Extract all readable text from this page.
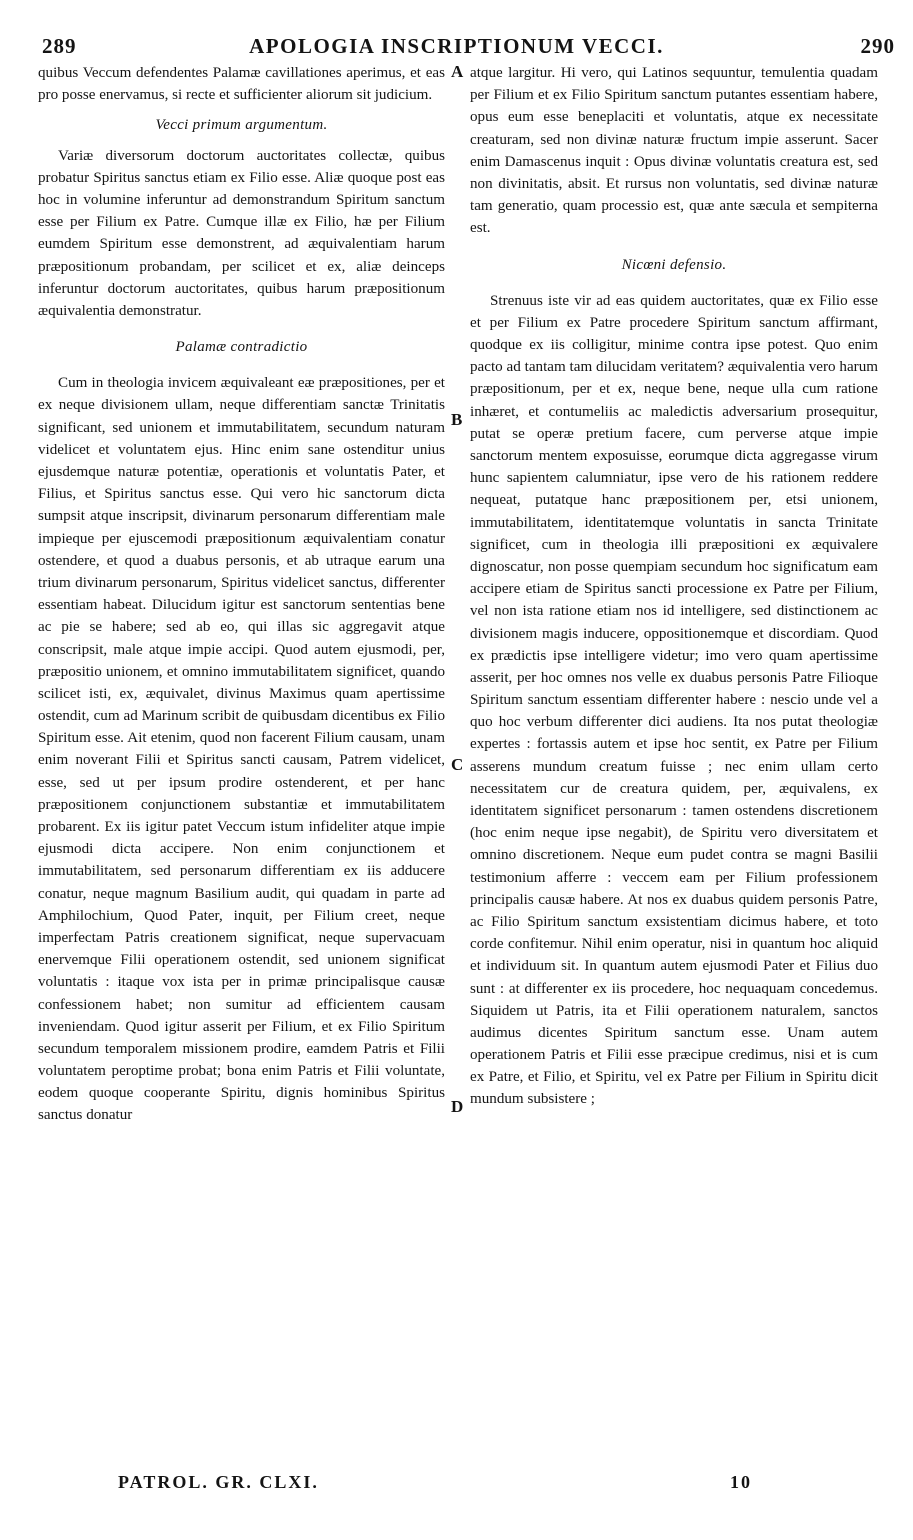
289	APOLOGIA INSCRIPTIONUM VECCI.	290

quibus Veccum defendentes Palamæ cavillationes aperimus, et eas pro posse enervamus, si recte et sufficienter aliorum sit judicium.

Vecci primum argumentum.

Variæ diversorum doctorum auctoritates collectæ, quibus probatur Spiritus sanctus etiam ex Filio esse. Aliæ quoque post eas hoc in volumine inferuntur ad demonstrandum Spiritum sanctum esse per Filium ex Patre. Cumque illæ ex Filio, hæ per Filium eumdem Spiritum esse demonstrent, ad æquivalentiam harum præpositionum probandam, per scilicet et ex, aliæ deinceps inferuntur doctorum auctoritates, quibus harum præpositionum æquivalentia demonstratur.

Palamæ contradictio

Cum in theologia invicem æquivaleant eæ præpositiones, per et ex neque divisionem ullam, neque differentiam sanctæ Trinitatis significant, sed unionem et immutabilitatem, secundum naturam videlicet et voluntatem ejus. Hinc enim sane ostenditur unius ejusdemque naturæ potentiæ, operationis et voluntatis Pater, et Filius, et Spiritus sanctus esse. Qui vero hic sanctorum dicta sumpsit atque inscripsit, divinarum personarum differentiam male impieque per ejuscemodi præpositionum æquivalentiam conatur ostendere, et quod a duabus personis, et ab utraque earum una trium divinarum personarum, Spiritus videlicet sanctus, differenter essentiam habeat. Dilucidum igitur est sanctorum sententias bene ac pie se habere; sed ab eo, qui illas sic aggregavit atque conscripsit, male atque impie accipi. Quod autem ejusmodi, per, præpositio unionem, et omnino immutabilitatem significet, quando scilicet isti, ex, æquivalet, divinus Maximus quam apertissime ostendit, cum ad Marinum scribit de quibusdam dicentibus ex Filio Spiritum esse. Ait etenim, quod non facerent Filium causam, unam enim noverant Filii et Spiritus sancti causam, Patrem videlicet, esse, sed ut per ipsum prodire ostenderent, et per hanc præpositionem conjunctionem substantiæ et immutabilitatem probarent. Ex iis igitur patet Veccum istum infideliter atque impie ejusmodi dicta accipere. Non enim conjunctionem et immutabilitatem, sed personarum differentiam ex iis adducere conatur, neque magnum Basilium audit, qui quadam in parte ad Amphilochium, Quod Pater, inquit, per Filium creet, neque imperfectam Patris creationem significat, neque supervacuam enervemque Filii operationem ostendit, sed unionem significat voluntatis : itaque vox ista per in primæ principalisque causæ confessionem habet; non sumitur ad efficientem causam inveniendam. Quod igitur asserit per Filium, et ex Filio Spiritum secundum temporalem missionem prodire, eamdem Patris et Filii voluntatem peroptime probat; bona enim Patris et Filii voluntate, eodem quoque cooperante Spiritu, dignis hominibus Spiritus sanctus donatur

A
B
C
D

atque largitur. Hi vero, qui Latinos sequuntur, temulentia quadam per Filium et ex Filio Spiritum sanctum putantes essentiam habere, opus eum esse beneplaciti et voluntatis, atque ex necessitate creaturam, sed non divinæ naturæ fructum impie asserunt. Sacer enim Damascenus inquit : Opus divinæ voluntatis creatura est, sed non divinitatis, absit. Et rursus non voluntatis, sed divinæ naturæ tam generatio, quam processio est, quæ ante sæcula et sempiterna est.

Nicœni defensio.

Strenuus iste vir ad eas quidem auctoritates, quæ ex Filio esse et per Filium ex Patre procedere Spiritum sanctum affirmant, quodque ex iis colligitur, minime contra ipse potest. Quo enim pacto ad tantam tam dilucidam veritatem? æquivalentia vero harum præpositionum, per et ex, neque bene, neque ulla cum ratione inhæret, et contumeliis ac maledictis adversarium prosequitur, putat se operæ pretium facere, cum perverse atque impie sanctorum mentem exposuisse, eorumque dicta aggregasse virum hunc sapientem calumniatur, ipse vero de his rationem reddere nequeat, putatque hanc præpositionem per, etsi unionem, immutabilitatem, identitatemque voluntatis in sancta Trinitate significet, cum in theologia illi præpositioni ex æquivalere dignoscatur, non posse quempiam secundum hoc significatum eam accipere etiam de Spiritus sancti processione ex Patre per Filium, vel non ista ratione etiam nos id intelligere, sed distinctionem ac divisionem magis inducere, oppositionemque et discordiam. Quod ex prædictis ipse intelligere videtur; imo vero quam apertissime asserit, per hoc omnes nos velle ex duabus personis Patre Filioque Spiritum sanctum essentiam differenter habere : nescio unde vel a quo hoc verbum differenter dici audiens. Ita nos putat theologiæ expertes : fortassis autem et ipse hoc sentit, ex Patre per Filium asserens mundum creatum fuisse ; nec enim ullam certo necessitatem cur de creatura quidem, per, æquivalens, ex identitatem significet personarum : tamen ostendens discretionem (hoc enim neque ipse negabit), de Spiritu vero diversitatem et omnino discretionem. Neque eum pudet contra se magni Basilii testimonium afferre : veccem eam per Filium professionem principalis causæ habere. At nos ex duabus quidem personis Patre, ac Filio Spiritum sanctum exsistentiam dicimus habere, et toto corde confitemur. Nihil enim operatur, nisi in quantum hoc aliquid et individuum sit. In quantum autem ejusmodi Pater et Filius duo sunt : at differenter ex iis procedere, hoc nequaquam concedemus. Siquidem ut Patris, ita et Filii operationem naturalem, sanctos audimus dicentes Spiritum sanctum esse. Unam autem operationem Patris et Filii esse præcipue credimus, nisi et is cum ex Patre, et Filio, et Spiritu, vel ex Patre per Filium in Spiritu dicit mundum subsistere ;

PATROL. GR. CLXI.	10
